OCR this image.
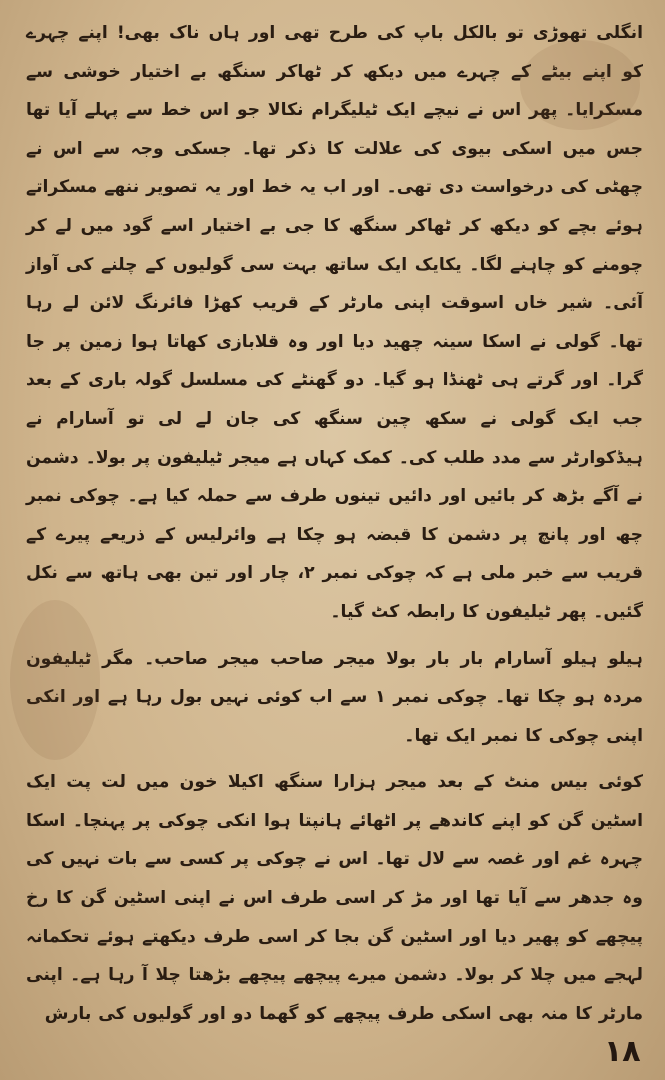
انگلی تھوڑی تو بالکل باپ کی طرح تھی اور ہاں ناک بھی! اپنے چہرے کو اپنے بیٹے کے چہرے میں دیکھ کر ٹھاکر سنگھ بے اختیار خوشی سے مسکرایا۔ پھر اس نے نیچے ایک ٹیلیگرام نکالا جو اس خط سے پہلے آیا تھا جس میں اسکی بیوی کی علالت کا ذکر تھا۔ جسکی وجہ سے اس نے چھٹی کی درخواست دی تھی۔ اور اب یہ خط اور یہ تصویر ننھے مسکراتے ہوئے بچے کو دیکھ کر ٹھاکر سنگھ کا جی بے اختیار اسے گود میں لے کر چومنے کو چاہنے لگا۔ یکایک ایک ساتھ بہت سی گولیوں کے چلنے کی آواز آئی۔ شیر خاں اسوقت اپنی مارٹر کے قریب کھڑا فائرنگ لائن لے رہا تھا۔ گولی نے اسکا سینہ چھید دیا اور وہ قلابازی کھاتا ہوا زمین پر جا گرا۔ اور گرتے ہی ٹھنڈا ہو گیا۔ دو گھنٹے کی مسلسل گولہ باری کے بعد جب ایک گولی نے سکھ چین سنگھ کی جان لے لی تو آسارام نے ہیڈکوارٹر سے مدد طلب کی۔ کمک کہاں ہے میجر ٹیلیفون پر بولا۔ دشمن نے آگے بڑھ کر بائیں اور دائیں تینوں طرف سے حملہ کیا ہے۔ چوکی نمبر چھ اور پانچ پر دشمن کا قبضہ ہو چکا ہے وائرلیس کے ذریعے پیرے کے قریب سے خبر ملی ہے کہ چوکی نمبر ۲، چار اور تین بھی ہاتھ سے نکل گئیں۔ پھر ٹیلیفون کا رابطہ کٹ گیا۔

ہیلو ہیلو آسارام بار بار بولا میجر صاحب میجر صاحب۔ مگر ٹیلیفون مردہ ہو چکا تھا۔ چوکی نمبر ۱ سے اب کوئی نہیں بول رہا ہے اور انکی اپنی چوکی کا نمبر ایک تھا۔

کوئی بیس منٹ کے بعد میجر ہزارا سنگھ اکیلا خون میں لت پت ایک اسٹین گن کو اپنے کاندھے پر اٹھائے ہانپتا ہوا انکی چوکی پر پہنچا۔ اسکا چہرہ غم اور غصہ سے لال تھا۔ اس نے چوکی پر کسی سے بات نہیں کی وہ جدھر سے آیا تھا اور مڑ کر اسی طرف اس نے اپنی اسٹین گن کا رخ پیچھے کو پھیر دیا اور اسٹین گن بجا کر اسی طرف دیکھتے ہوئے تحکمانہ لہجے میں چلا کر بولا۔ دشمن میرے پیچھے پیچھے بڑھتا چلا آ رہا ہے۔ اپنی مارٹر کا منہ بھی اسکی طرف پیچھے کو گھما دو اور گولیوں کی بارش

۱۸
